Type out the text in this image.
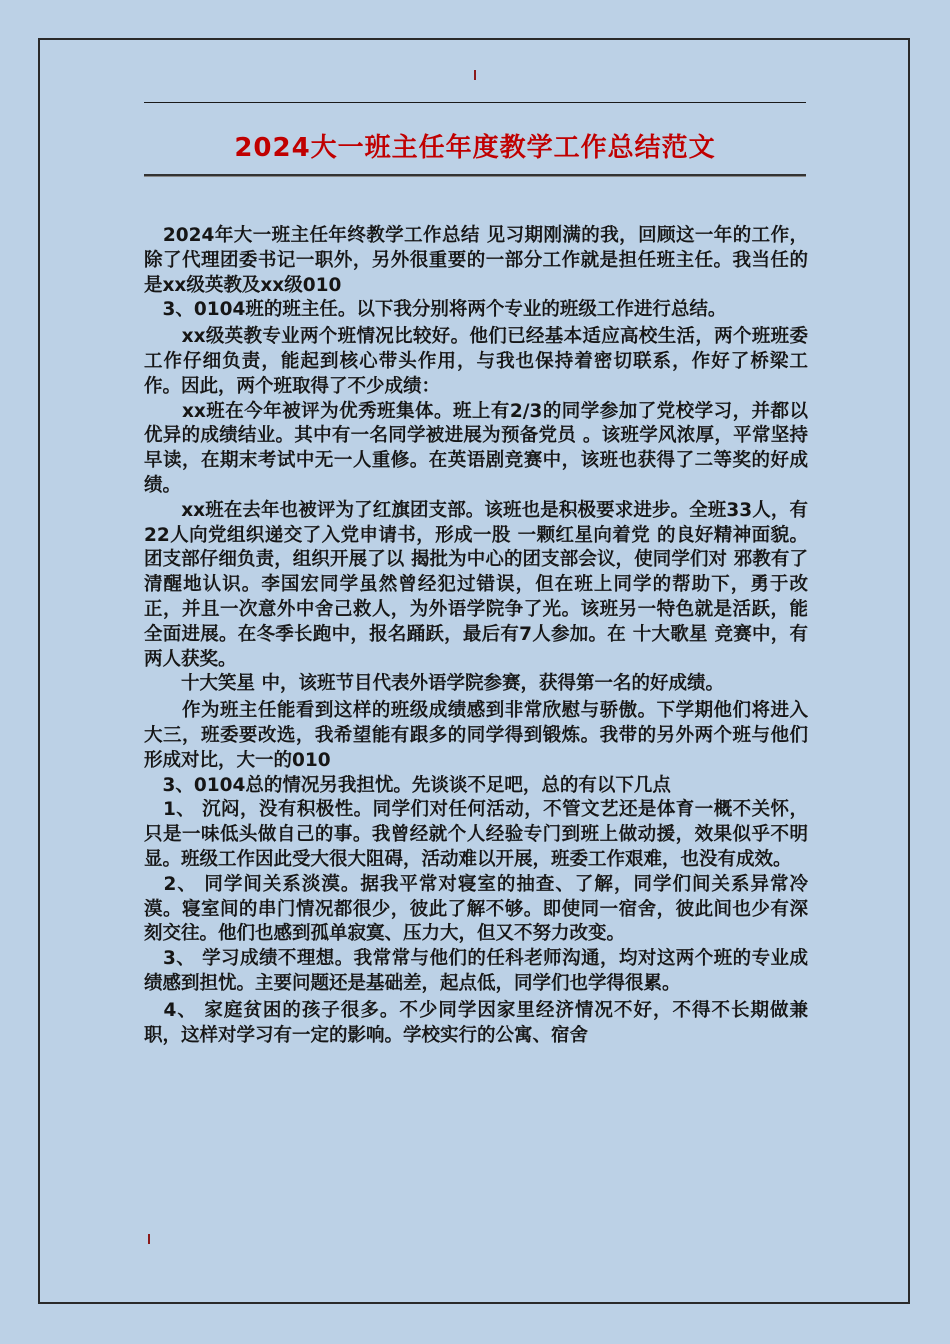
2024大一班主任年度教学工作总结范文

　2024年大一班主任年终教学工作总结 见习期刚满的我，回顾这一年的工作，除了代理团委书记一职外，另外很重要的一部分工作就是担任班主任。我当任的是xx级英教及xx级010

　3、0104班的班主任。以下我分别将两个专业的班级工作进行总结。

　　xx级英教专业两个班情况比较好。他们已经基本适应高校生活，两个班班委工作仔细负责，能起到核心带头作用，与我也保持着密切联系，作好了桥梁工作。因此，两个班取得了不少成绩：

　　xx班在今年被评为优秀班集体。班上有2/3的同学参加了党校学习，并都以优异的成绩结业。其中有一名同学被进展为预备党员 。该班学风浓厚，平常坚持早读，在期末考试中无一人重修。在英语剧竞赛中，该班也获得了二等奖的好成绩。

　　xx班在去年也被评为了红旗团支部。该班也是积极要求进步。全班33人，有22人向党组织递交了入党申请书，形成一股 一颗红星向着党 的良好精神面貌。团支部仔细负责，组织开展了以 揭批为中心的团支部会议，使同学们对 邪教有了清醒地认识。李国宏同学虽然曾经犯过错误，但在班上同学的帮助下，勇于改正，并且一次意外中舍己救人，为外语学院争了光。该班另一特色就是活跃，能全面进展。在冬季长跑中，报名踊跃，最后有7人参加。在 十大歌星 竞赛中，有两人获奖。

　　十大笑星 中，该班节目代表外语学院参赛，获得第一名的好成绩。

　　作为班主任能看到这样的班级成绩感到非常欣慰与骄傲。下学期他们将进入大三，班委要改选，我希望能有跟多的同学得到锻炼。我带的另外两个班与他们形成对比，大一的010

　3、0104总的情况另我担忧。先谈谈不足吧，总的有以下几点

　1、 沉闷，没有积极性。同学们对任何活动，不管文艺还是体育一概不关怀，只是一味低头做自己的事。我曾经就个人经验专门到班上做动援，效果似乎不明显。班级工作因此受大很大阻碍，活动难以开展，班委工作艰难，也没有成效。

　2、 同学间关系淡漠。据我平常对寝室的抽查、了解，同学们间关系异常冷漠。寝室间的串门情况都很少，彼此了解不够。即使同一宿舍，彼此间也少有深刻交往。他们也感到孤单寂寞、压力大，但又不努力改变。

　3、 学习成绩不理想。我常常与他们的任科老师沟通，均对这两个班的专业成绩感到担忧。主要问题还是基础差，起点低，同学们也学得很累。

　4、 家庭贫困的孩子很多。不少同学因家里经济情况不好，不得不长期做兼职，这样对学习有一定的影响。学校实行的公寓、宿舍
